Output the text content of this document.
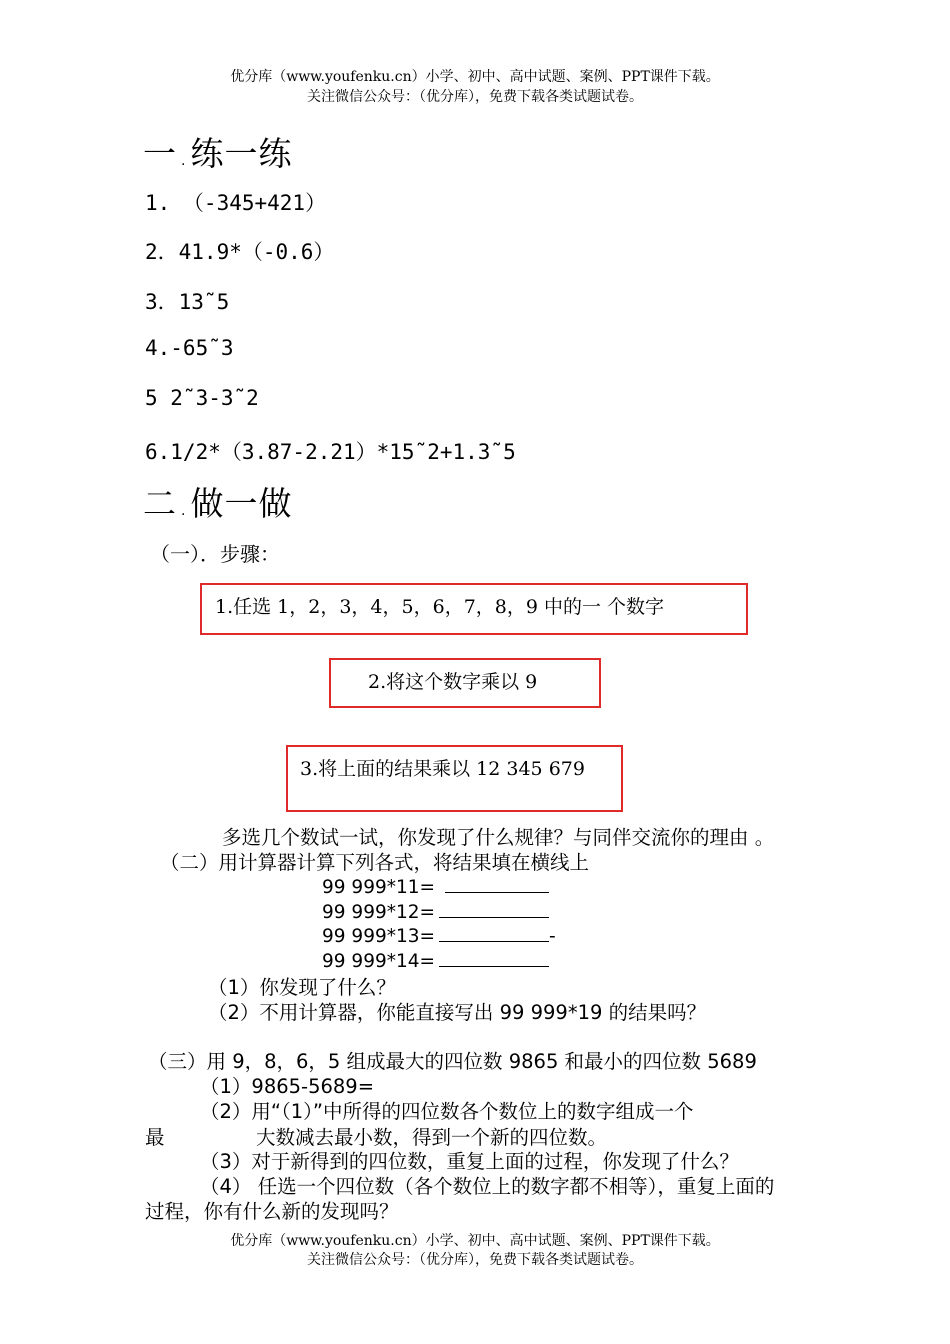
优分库（www.youfenku.cn）小学、初中、高中试题、案例、PPT课件下载。
关注微信公众号：（优分库），免费下载各类试题试卷。
一 . 练一练
1. （-345+421）
2．41.9*（-0.6）
3．13˜5
4.-65˜3
5 2˜3-3˜2
6.1/2*（3.87-2.21）*15˜2+1.3˜5
二 . 做一做
（一）．步骤：
1.任选 1，2，3，4，5，6，7，8，9 中的一 个数字
2.将这个数字乘以 9
3.将上面的结果乘以 12 345 679
多选几个数试一试，你发现了什么规律？与同伴交流你的理由 。
（二）用计算器计算下列各式，将结果填在横线上
99 999*11=
99 999*12=
99 999*13=	-
99 999*14=
（1）你发现了什么？
（2）不用计算器，你能直接写出 99 999*19 的结果吗？
（三）用 9，8，6，5 组成最大的四位数 9865 和最小的四位数 5689
（1）9865-5689=
（2）用“（1）”中所得的四位数各个数位上的数字组成一个
最	大数减去最小数，得到一个新的四位数。
（3）对于新得到的四位数，重复上面的过程，你发现了什么？
（4） 任选一个四位数（各个数位上的数字都不相等），重复上面的
过程，你有什么新的发现吗？
优分库（www.youfenku.cn）小学、初中、高中试题、案例、PPT课件下载。
关注微信公众号：（优分库），免费下载各类试题试卷。
